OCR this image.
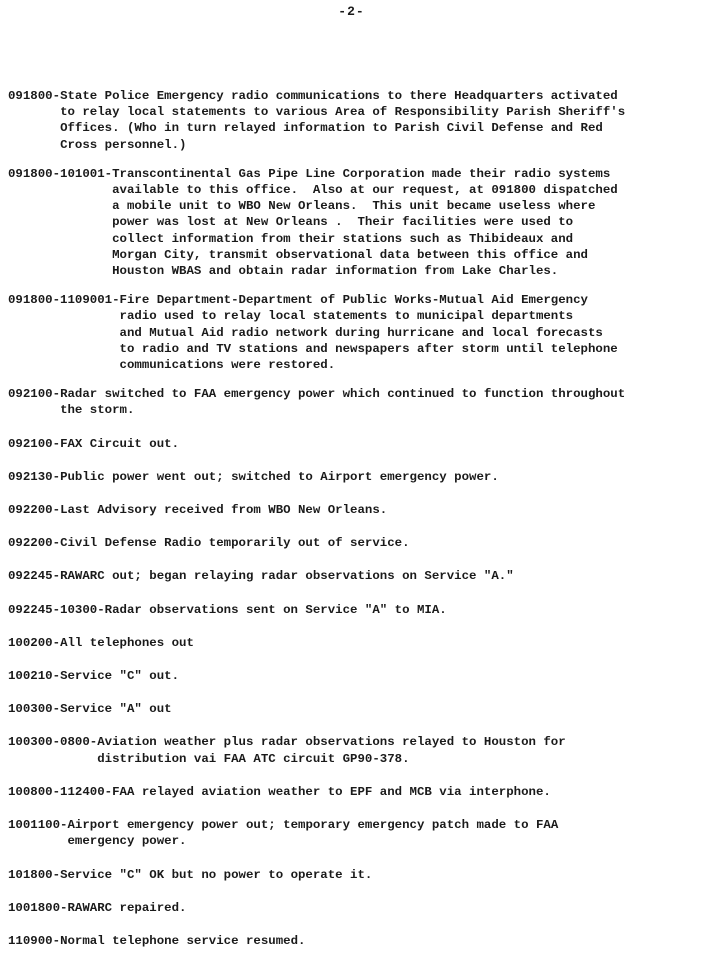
-2-
091800- State Police Emergency radio communications to there Headquarters activated
to relay local statements to various Area of Responsibility Parish Sheriff's
Offices. (Who in turn relayed information to Parish Civil Defense and Red
Cross personnel.)
091800-101001- Transcontinental Gas Pipe Line Corporation made their radio systems
available to this office.  Also at our request, at 091800 dispatched
a mobile unit to WBO New Orleans.  This unit became useless where
power was lost at New Orleans .  Their facilities were used to
collect information from their stations such as Thibideaux and
Morgan City, transmit observational data between this office and
Houston WBAS and obtain radar information from Lake Charles.
091800-1109001- Fire Department-Department of Public Works-Mutual Aid Emergency
radio used to relay local statements to municipal departments
and Mutual Aid radio network during hurricane and local forecasts
to radio and TV stations and newspapers after storm until telephone
communications were restored.
092100- Radar switched to FAA emergency power which continued to function throughout
the storm.
092100- FAX Circuit out.
092130- Public power went out; switched to Airport emergency power.
092200- Last Advisory received from WBO New Orleans.
092200- Civil Defense Radio temporarily out of service.
092245- RAWARC out; began relaying radar observations on Service "A."
092245-10300- Radar observations sent on Service "A" to MIA.
100200- All telephones out
100210- Service "C" out.
100300- Service "A" out
100300-0800- Aviation weather plus radar observations relayed to Houston for
distribution vai FAA ATC circuit GP90-378.
100800-112400- FAA relayed aviation weather to EPF and MCB via interphone.
1001100- Airport emergency power out; temporary emergency patch made to FAA
emergency power.
101800- Service "C" OK but no power to operate it.
1001800- RAWARC repaired.
110900- Normal telephone service resumed.
